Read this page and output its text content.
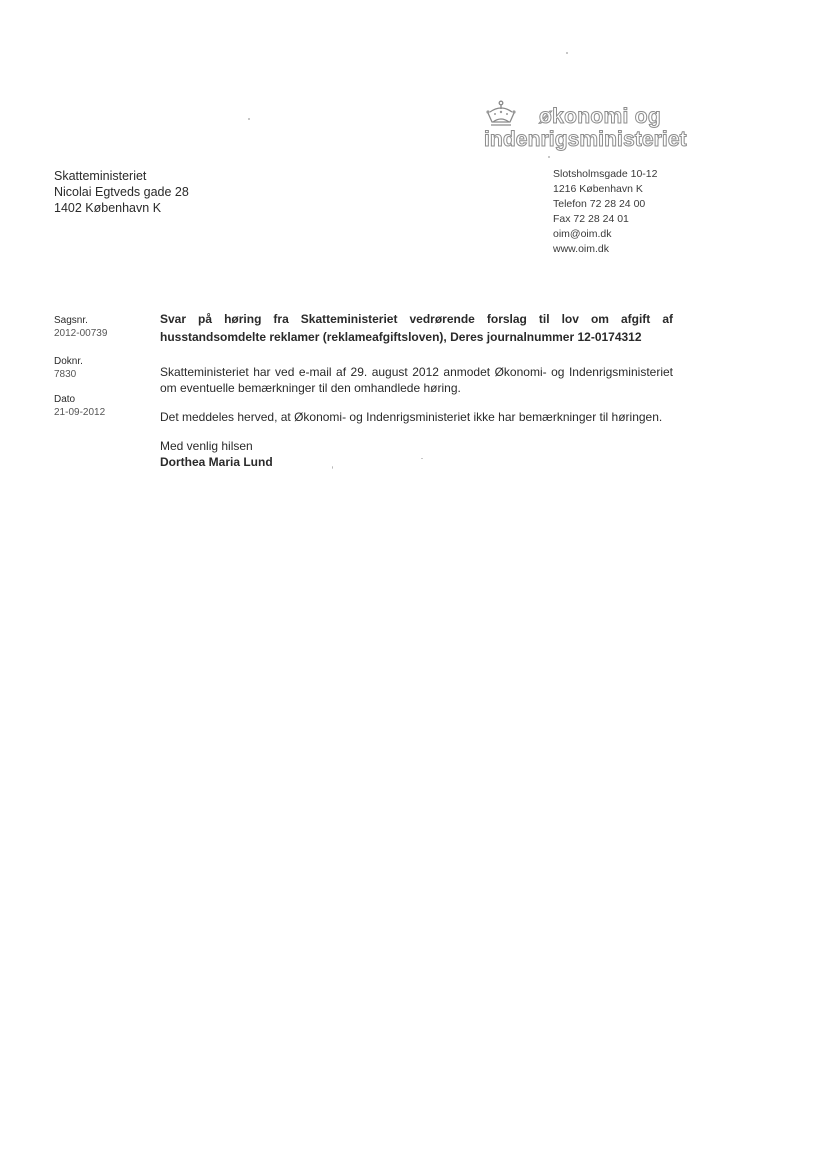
økonomi og
indenrigsministeriet
Skatteministeriet
Nicolai Egtveds gade 28
1402 København K
Slotsholmsgade 10-12
1216 København K
Telefon 72 28 24 00
Fax 72 28 24 01
oim@oim.dk
www.oim.dk
Sagsnr.
2012-00739
Doknr.
7830
Dato
21-09-2012

Svar på høring fra Skatteministeriet vedrørende forslag til lov om afgift af husstandsomdelte reklamer (reklameafgiftsloven), Deres journalnummer 12-0174312

Skatteministeriet har ved e-mail af 29. august 2012 anmodet Økonomi- og Indenrigsministeriet om eventuelle bemærkninger til den omhandlede høring.

Det meddeles herved, at Økonomi- og Indenrigsministeriet ikke har bemærkninger til høringen.

Med venlig hilsen

Dorthea Maria Lund
